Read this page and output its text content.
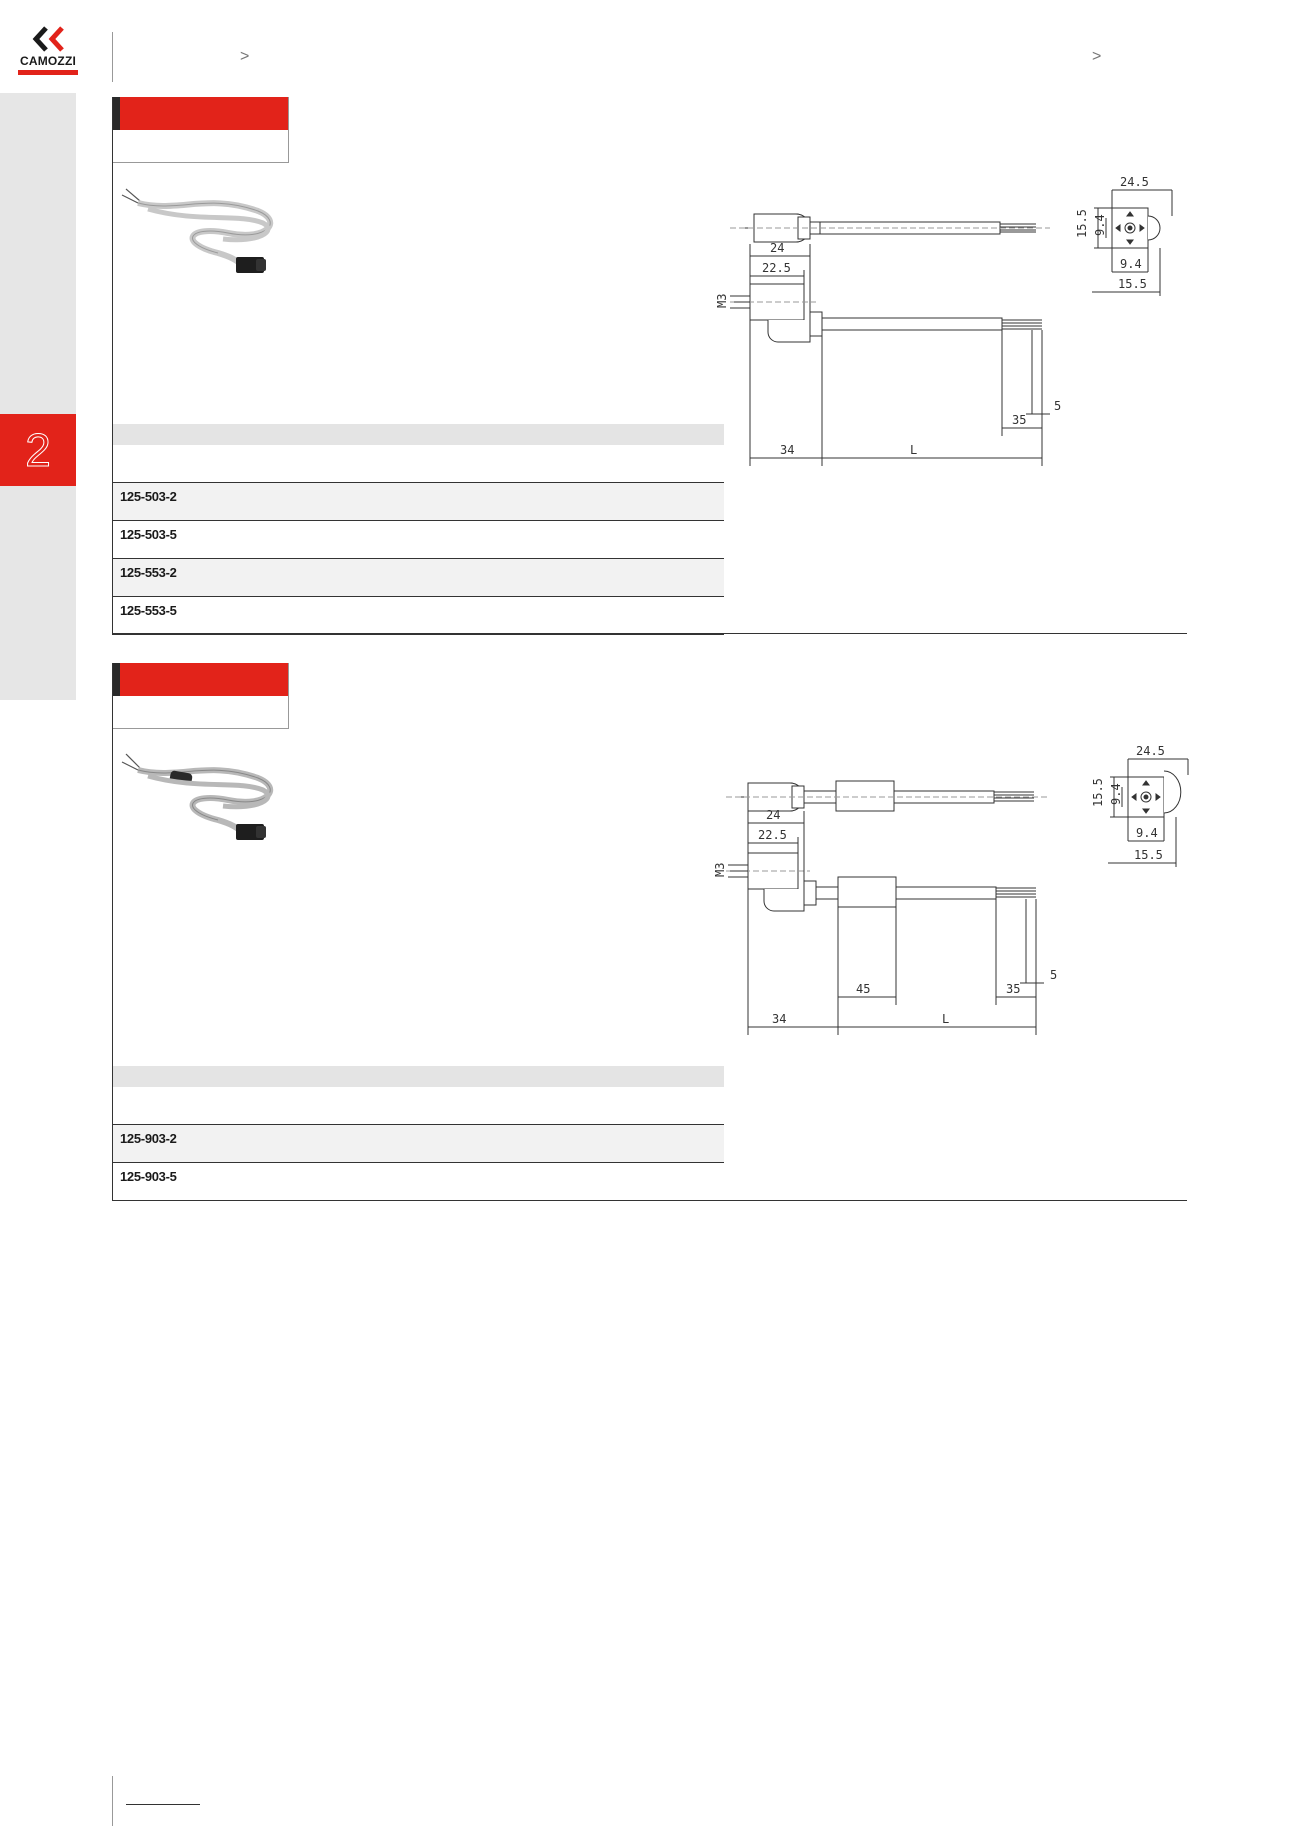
CAMOZZI	>	>
2
125-503-2
125-503-5
125-553-2
125-553-5
24.5
15.5 9.4
9.4
15.5
24
22.5
M3
5
35
34	L
125-903-2
125-903-5
24.5
15.5 9.4
9.4
15.5
24
22.5
M3
5
45	35
34	L
